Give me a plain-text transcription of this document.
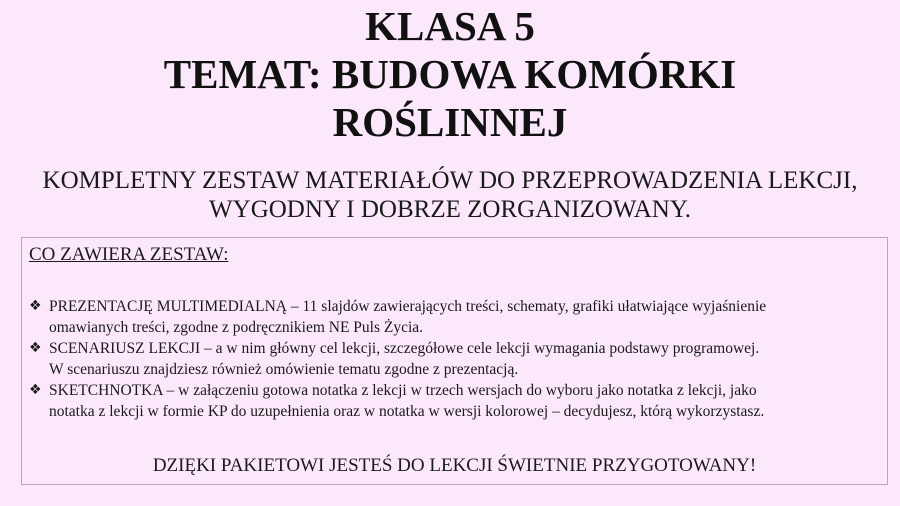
KLASA 5
TEMAT: BUDOWA KOMÓRKI
ROŚLINNEJ
KOMPLETNY ZESTAW MATERIAŁÓW DO PRZEPROWADZENIA LEKCJI,
WYGODNY I DOBRZE ZORGANIZOWANY.
CO ZAWIERA ZESTAW:
❖ PREZENTACJĘ MULTIMEDIALNĄ – 11 slajdów zawierających treści, schematy, grafiki ułatwiające wyjaśnienie
omawianych treści, zgodne z podręcznikiem NE Puls Życia.
❖ SCENARIUSZ LEKCJI – a w nim główny cel lekcji, szczegółowe cele lekcji wymagania podstawy programowej.
W scenariuszu znajdziesz również omówienie tematu zgodne z prezentacją.
❖ SKETCHNOTKA – w załączeniu gotowa notatka z lekcji w trzech wersjach do wyboru jako notatka z lekcji, jako
notatka z lekcji w formie KP do uzupełnienia oraz w notatka w wersji kolorowej – decydujesz, którą wykorzystasz.
DZIĘKI PAKIETOWI JESTEŚ DO LEKCJI ŚWIETNIE PRZYGOTOWANY!
